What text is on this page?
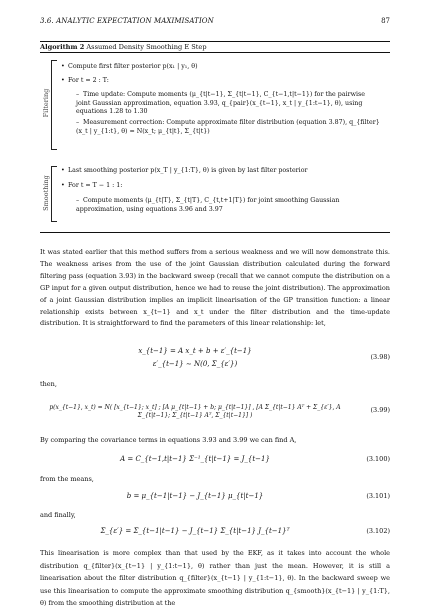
3.6. ANALYTIC EXPECTATION MAXIMISATION	87
Algorithm 2 Assumed Density Smoothing E Step
Filtering
Smoothing
• Compute first filter posterior p(x₁ | y₁, θ)
• For t = 2 : T:
– Time update: Compute moments (μ_{t|t−1}, Σ_{t|t−1}, C_{t−1,t|t−1}) for the pairwise joint Gaussian approximation, equation 3.93, q_{pair}(x_{t−1}, x_t | y_{1:t−1}, θ), using equations 1.28 to 1.30
– Measurement correction: Compute approximate filter distribution (equation 3.87), q_{filter}(x_t | y_{1:t}, θ) = N(x_t; μ_{t|t}, Σ_{t|t})
• Last smoothing posterior p(x_T | y_{1:T}, θ) is given by last filter posterior
• For t = T − 1 : 1:
– Compute moments (μ_{t|T}, Σ_{t|T}, C_{t,t+1|T}) for joint smoothing Gaussian approximation, using equations 3.96 and 3.97
It was stated earlier that this method suffers from a serious weakness and we will now demonstrate this. The weakness arises from the use of the joint Gaussian distribution calculated during the forward filtering pass (equation 3.93) in the backward sweep (recall that we cannot compute the distribution on a GP input for a given output distribution, hence we had to reuse the joint distribution). The approximation of a joint Gaussian distribution implies an implicit linearisation of the GP transition function: a linear relationship exists between x_{t−1} and x_t under the filter distribution and the time-update distribution. It is straightforward to find the parameters of this linear relationship: let,
x_{t−1} = A x_t + b + ε′_{t−1}
ε′_{t−1} ∼ N(0, Σ_{ε′})
(3.98)
then,
p(x_{t−1}, x_t) = N( [x_{t−1}; x_t] ; [A μ_{t|t−1} + b; μ_{t|t−1}] , [A Σ_{t|t−1} Aᵀ + Σ_{ε′}, A Σ_{t|t−1}; Σ_{t|t−1} Aᵀ, Σ_{t|t−1}] )
(3.99)
By comparing the covariance terms in equations 3.93 and 3.99 we can find A,
A = C_{t−1,t|t−1} Σ⁻¹_{t|t−1} = J_{t−1}	(3.100)
from the means,
b = μ_{t−1|t−1} − J_{t−1} μ_{t|t−1}	(3.101)
and finally,
Σ_{ε′} = Σ_{t−1|t−1} − J_{t−1} Σ_{t|t−1} J_{t−1}ᵀ	(3.102)
This linearisation is more complex than that used by the EKF, as it takes into account the whole distribution q_{filter}(x_{t−1} | y_{1:t−1}, θ) rather than just the mean. However, it is still a linearisation about the filter distribution q_{filter}(x_{t−1} | y_{1:t−1}, θ). In the backward sweep we use this linearisation to compute the approximate smoothing distribution q_{smooth}(x_{t−1} | y_{1:T}, θ) from the smoothing distribution at the
